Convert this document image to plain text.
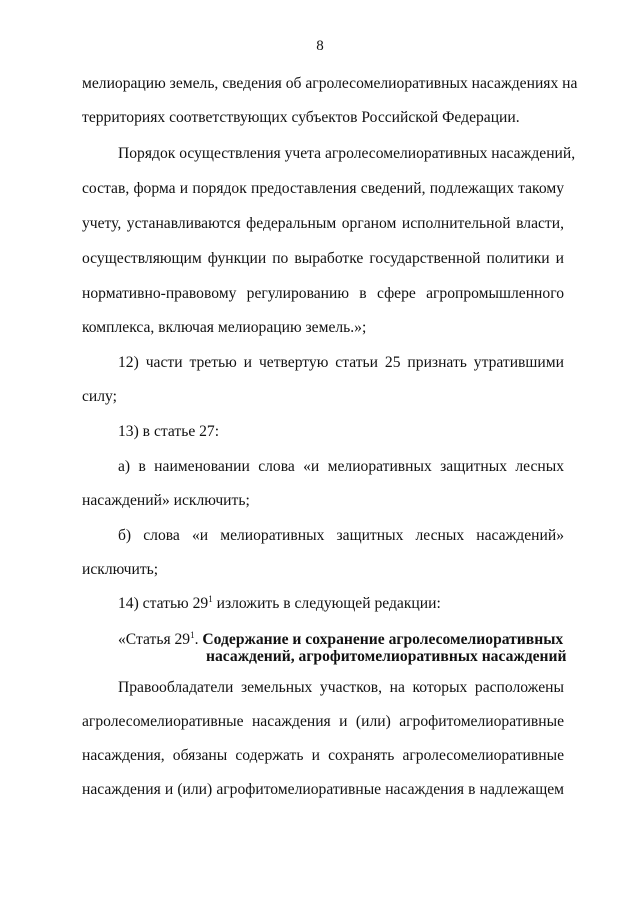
8
мелиорацию земель, сведения об агролесомелиоративных насаждениях на
территориях соответствующих субъектов Российской Федерации.
Порядок осуществления учета агролесомелиоративных насаждений,
состав, форма и порядок предоставления сведений, подлежащих такому
учету, устанавливаются федеральным органом исполнительной власти,
осуществляющим функции по выработке государственной политики и
нормативно-правовому регулированию в сфере агропромышленного
комплекса, включая мелиорацию земель.»;
12) части третью и четвертую статьи 25 признать утратившими
силу;
13) в статье 27:
а) в наименовании слова «и мелиоративных защитных лесных
насаждений» исключить;
б) слова «и мелиоративных защитных лесных насаждений»
исключить;
14) статью $29^1$ изложить в следующей редакции:
«Статья $29^1$. Содержание и сохранение агролесомелиоративных
насаждений, агрофитомелиоративных насаждений
Правообладатели земельных участков, на которых расположены
агролесомелиоративные насаждения и (или) агрофитомелиоративные
насаждения, обязаны содержать и сохранять агролесомелиоративные
насаждения и (или) агрофитомелиоративные насаждения в надлежащем
